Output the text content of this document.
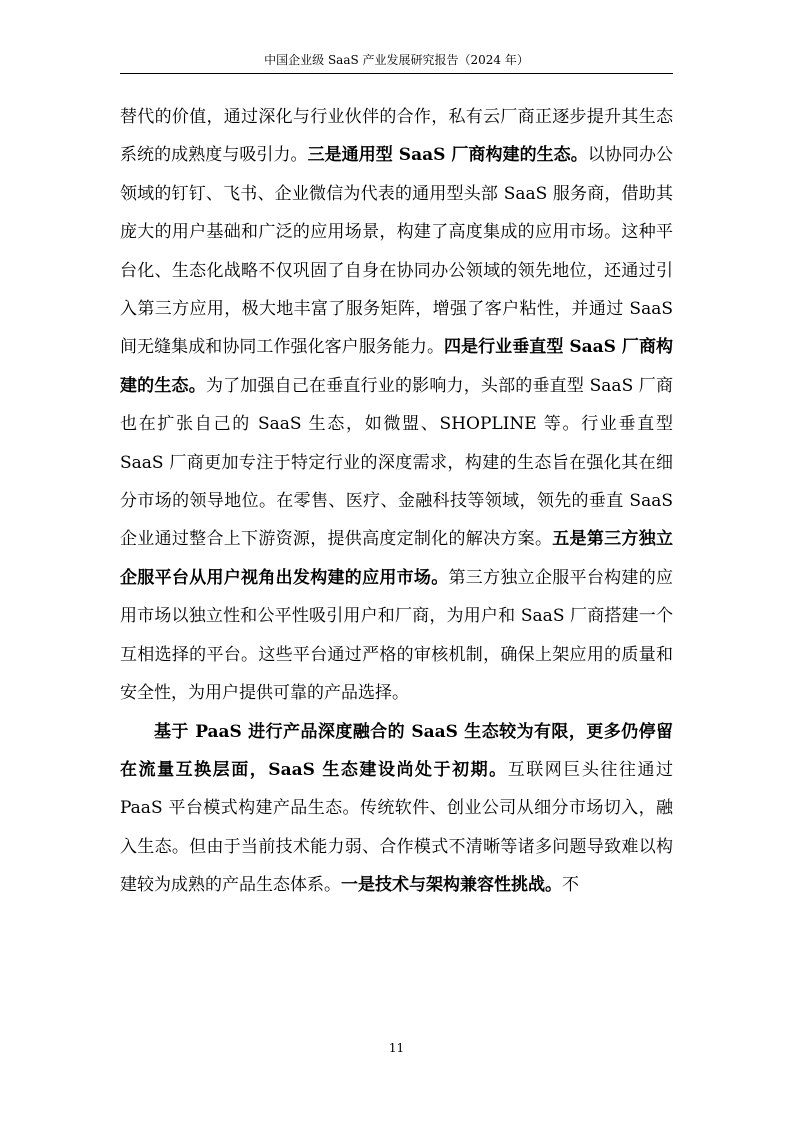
中国企业级 SaaS 产业发展研究报告（2024 年）

替代的价值，通过深化与行业伙伴的合作，私有云厂商正逐步提升其生态系统的成熟度与吸引力。三是通用型 SaaS 厂商构建的生态。以协同办公领域的钉钉、飞书、企业微信为代表的通用型头部 SaaS 服务商，借助其庞大的用户基础和广泛的应用场景，构建了高度集成的应用市场。这种平台化、生态化战略不仅巩固了自身在协同办公领域的领先地位，还通过引入第三方应用，极大地丰富了服务矩阵，增强了客户粘性，并通过 SaaS 间无缝集成和协同工作强化客户服务能力。四是行业垂直型 SaaS 厂商构建的生态。为了加强自己在垂直行业的影响力，头部的垂直型 SaaS 厂商也在扩张自己的 SaaS 生态，如微盟、SHOPLINE 等。行业垂直型 SaaS 厂商更加专注于特定行业的深度需求，构建的生态旨在强化其在细分市场的领导地位。在零售、医疗、金融科技等领域，领先的垂直 SaaS 企业通过整合上下游资源，提供高度定制化的解决方案。五是第三方独立企服平台从用户视角出发构建的应用市场。第三方独立企服平台构建的应用市场以独立性和公平性吸引用户和厂商，为用户和 SaaS 厂商搭建一个互相选择的平台。这些平台通过严格的审核机制，确保上架应用的质量和安全性，为用户提供可靠的产品选择。

基于 PaaS 进行产品深度融合的 SaaS 生态较为有限，更多仍停留在流量互换层面，SaaS 生态建设尚处于初期。互联网巨头往往通过 PaaS 平台模式构建产品生态。传统软件、创业公司从细分市场切入，融入生态。但由于当前技术能力弱、合作模式不清晰等诸多问题导致难以构建较为成熟的产品生态体系。一是技术与架构兼容性挑战。不

11
